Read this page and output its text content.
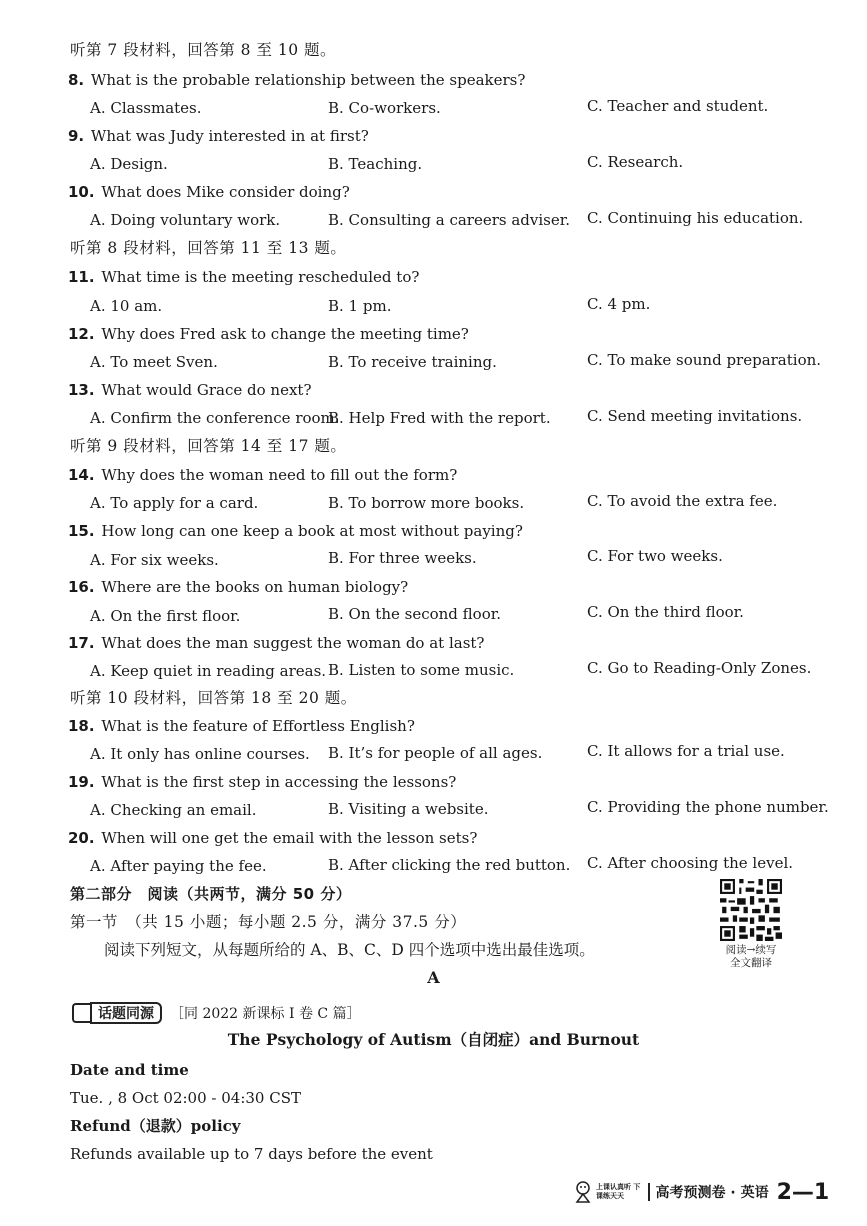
听第 7 段材料，回答第 8 至 10 题。
8. What is the probable relationship between the speakers?
A. Classmates.	B. Co-workers.	C. Teacher and student.
9. What was Judy interested in at first?
A. Design.	B. Teaching.	C. Research.
10. What does Mike consider doing?
A. Doing voluntary work.	B. Consulting a careers adviser. C. Continuing his education.
听第 8 段材料，回答第 11 至 13 题。
11. What time is the meeting rescheduled to?
A. 10 am.	B. 1 pm.	C. 4 pm.
12. Why does Fred ask to change the meeting time?
A. To meet Sven.	B. To receive training.	C. To make sound preparation.
13. What would Grace do next?
A. Confirm the conference room.
B. Help Fred with the report. C. Send meeting invitations.
听第 9 段材料，回答第 14 至 17 题。
14. Why does the woman need to fill out the form?
A. To apply for a card.	B. To borrow more books.	C. To avoid the extra fee.
15. How long can one keep a book at most without paying?
A. For six weeks.	B. For three weeks.	C. For two weeks.
16. Where are the books on human biology?
A. On the first floor.	B. On the second floor.	C. On the third floor.
17. What does the man suggest the woman do at last?
A. Keep quiet in reading areas. B. Listen to some music.	C. Go to Reading-Only Zones.
听第 10 段材料，回答第 18 至 20 题。
18. What is the feature of Effortless English?
A. It only has online courses. B. It’s for people of all ages.	C. It allows for a trial use.
19. What is the first step in accessing the lessons?
A. Checking an email.	B. Visiting a website.	C. Providing the phone number.
20. When will one get the email with the lesson sets?
A. After paying the fee.	B. After clicking the red button. C. After choosing the level.
第二部分　阅读（共两节，满分 50 分）
第一节　（共 15 小题；每小题 2.5 分，满分 37.5 分）
阅读下列短文，从每题所给的 A、B、C、D 四个选项中选出最佳选项。	阅读→续写
全文翻译
A
话题同源	［同 2022 新课标 I 卷 C 篇］
The Psychology of Autism（自闭症）and Burnout
Date and time
Tue. , 8 Oct 02:00 - 04:30 CST
Refund（退款）policy
Refunds available up to 7 days before the event
上课认真听 下课练天天	高考预测卷 · 英语 2—1
